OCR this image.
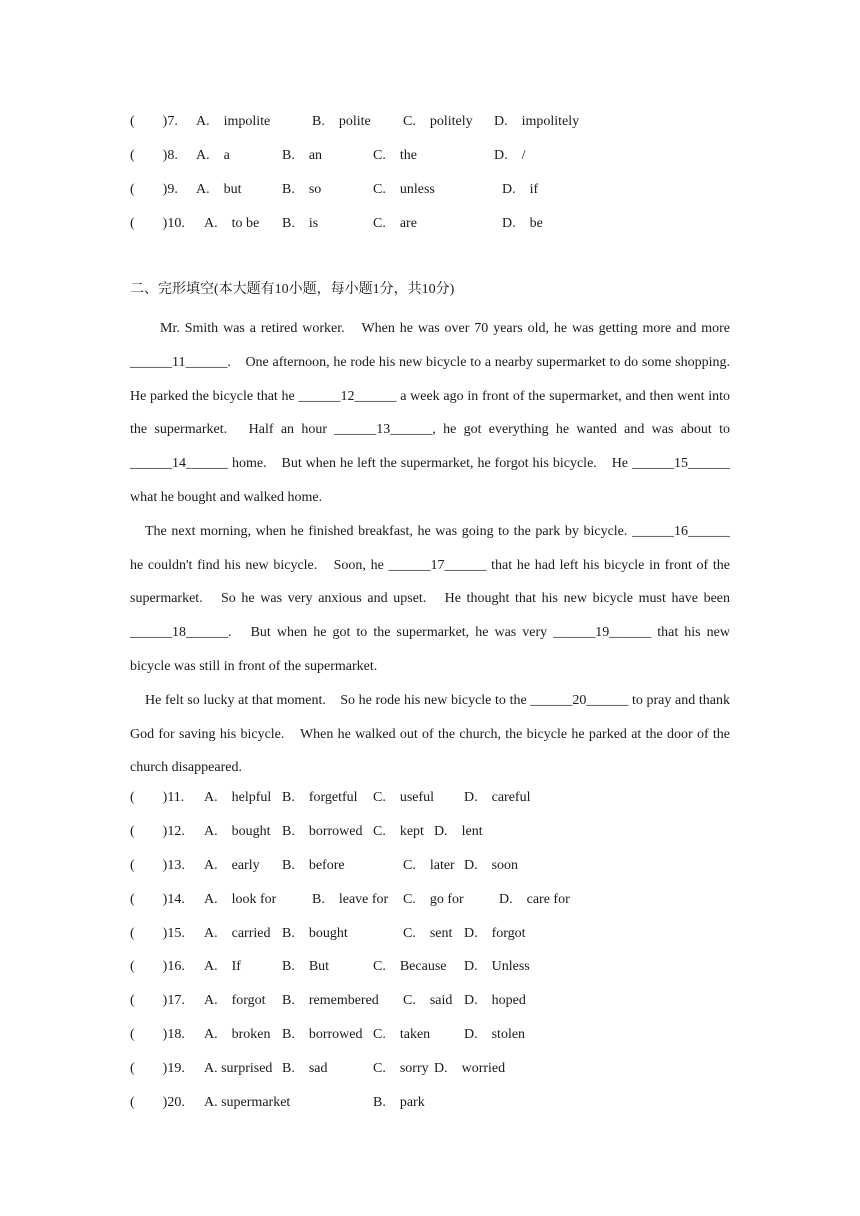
(　　)7. A.　impolite	B.　polite C.　politely D.　impolitely
(　　)8. A.　a	B.　an	C.　the	D.　/
(　　)9. A.　but	B.　so	C.　unless	D.　if
(　　)10. A.　to be B.　is	C.　are	D.　be
二、完形填空(本大题有10小题，每小题1分，共10分)

Mr. Smith was a retired worker.　When he was over 70 years old, he was getting more and more ______11______.　One afternoon, he rode his new bicycle to a nearby supermarket to do some shopping.　He parked the bicycle that he ______12______ a week ago in front of the supermarket, and then went into the supermarket.　Half an hour ______13______, he got everything he wanted and was about to ______14______ home.　But when he left the supermarket, he forgot his bicycle.　He ______15______ what he bought and walked home.

The next morning, when he finished breakfast, he was going to the park by bicycle. ______16______ he couldn't find his new bicycle.　Soon, he ______17______ that he had left his bicycle in front of the supermarket.　So he was very anxious and upset.　He thought that his new bicycle must have been ______18______.　But when he got to the supermarket, he was very ______19______ that his new bicycle was still in front of the supermarket.

He felt so lucky at that moment.　So he rode his new bicycle to the ______20______ to pray and thank God for saving his bicycle.　When he walked out of the church, the bicycle he parked at the door of the church disappeared.

(　　)11. A.　helpful B.　forgetful C.　useful D.　careful
(　　)12. A.　bought B.　borrowed C.　kept D.　lent
(　　)13. A.　early B.　before	C.　later D.　soon
(　　)14. A.　look for	B.　leave for C.　go for	D.　care for
(　　)15. A.　carried B.　bought	C.　sent D.　forgot
(　　)16. A.　If	B.　But	C.　Because D.　Unless
(　　)17. A.　forgot B.　remembered C.　said D.　hoped
(　　)18. A.　broken B.　borrowed C.　taken D.　stolen
(　　)19. A. surprised B.　sad	C.　sorry D.　worried
(　　)20. A. supermarket	B.　park
